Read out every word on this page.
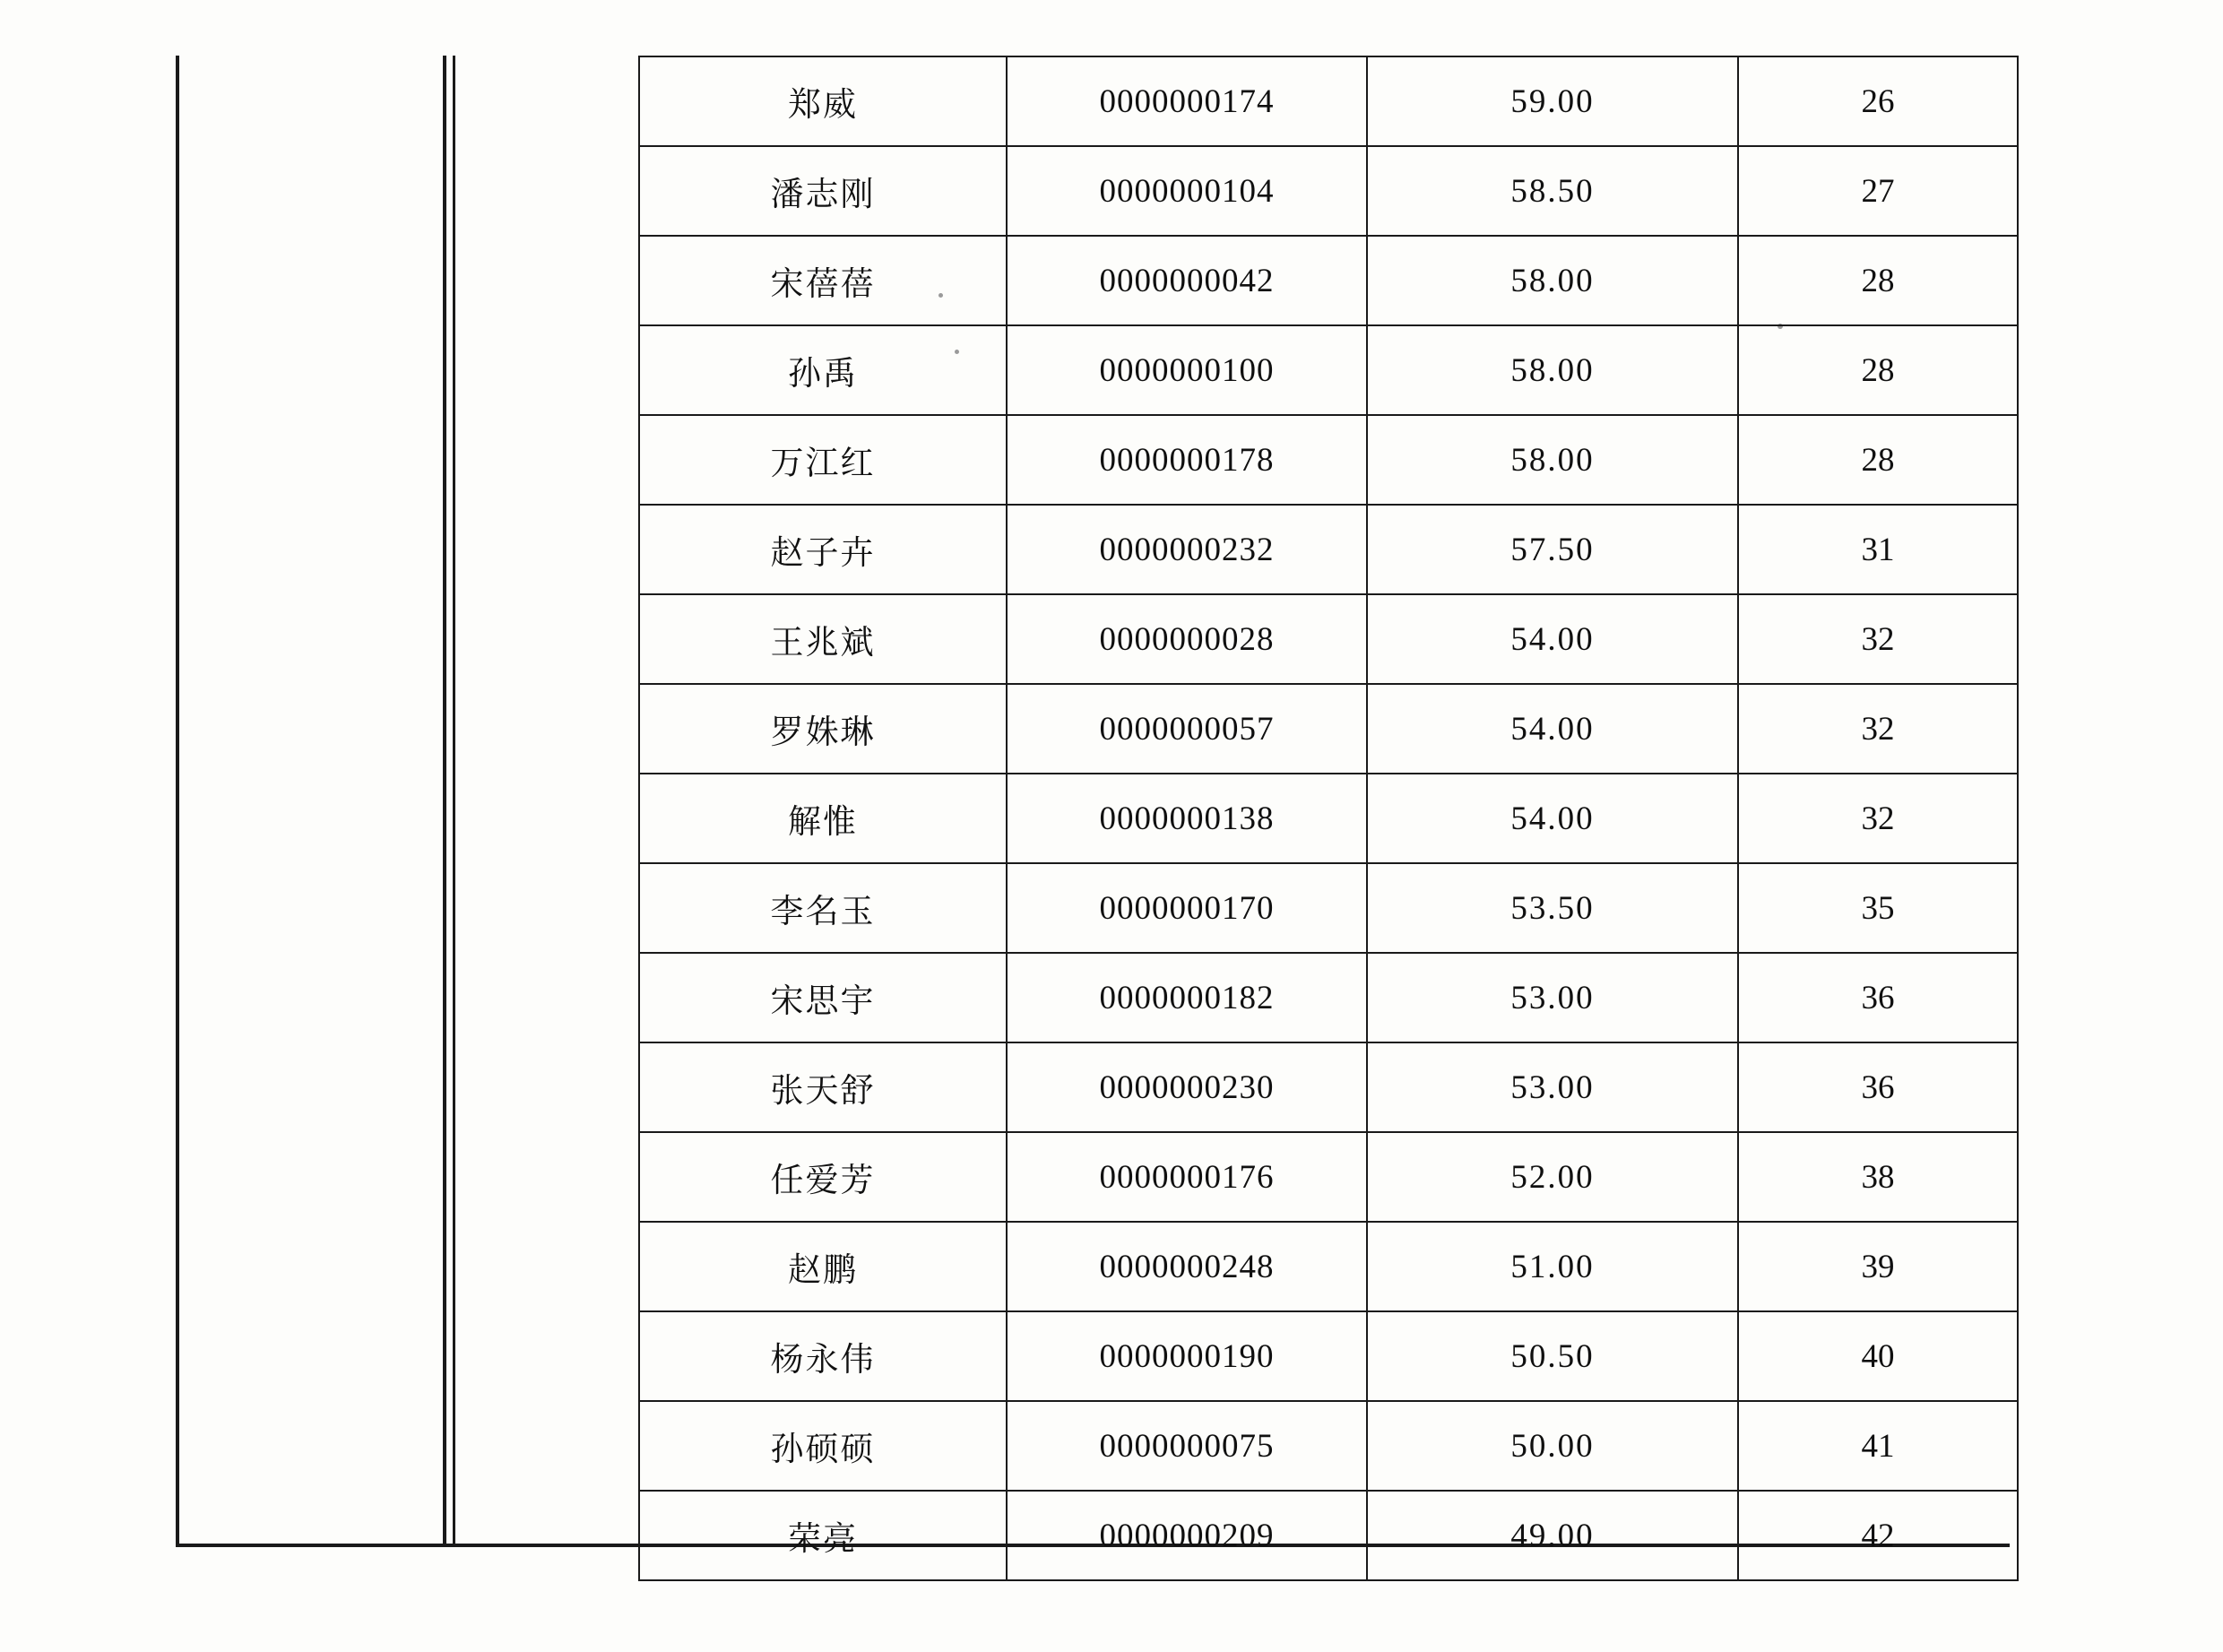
郑威	0000000174	59.00	26
潘志刚	0000000104	58.50	27
宋蓓蓓	0000000042	58.00	28
孙禹	0000000100	58.00	28
万江红	0000000178	58.00	28
赵子卉	0000000232	57.50	31
王兆斌	0000000028	54.00	32
罗姝琳	0000000057	54.00	32
解惟	0000000138	54.00	32
李名玉	0000000170	53.50	35
宋思宇	0000000182	53.00	36
张天舒	0000000230	53.00	36
任爱芳	0000000176	52.00	38
赵鹏	0000000248	51.00	39
杨永伟	0000000190	50.50	40
孙硕硕	0000000075	50.00	41
荣亮	0000000209	49.00	42
